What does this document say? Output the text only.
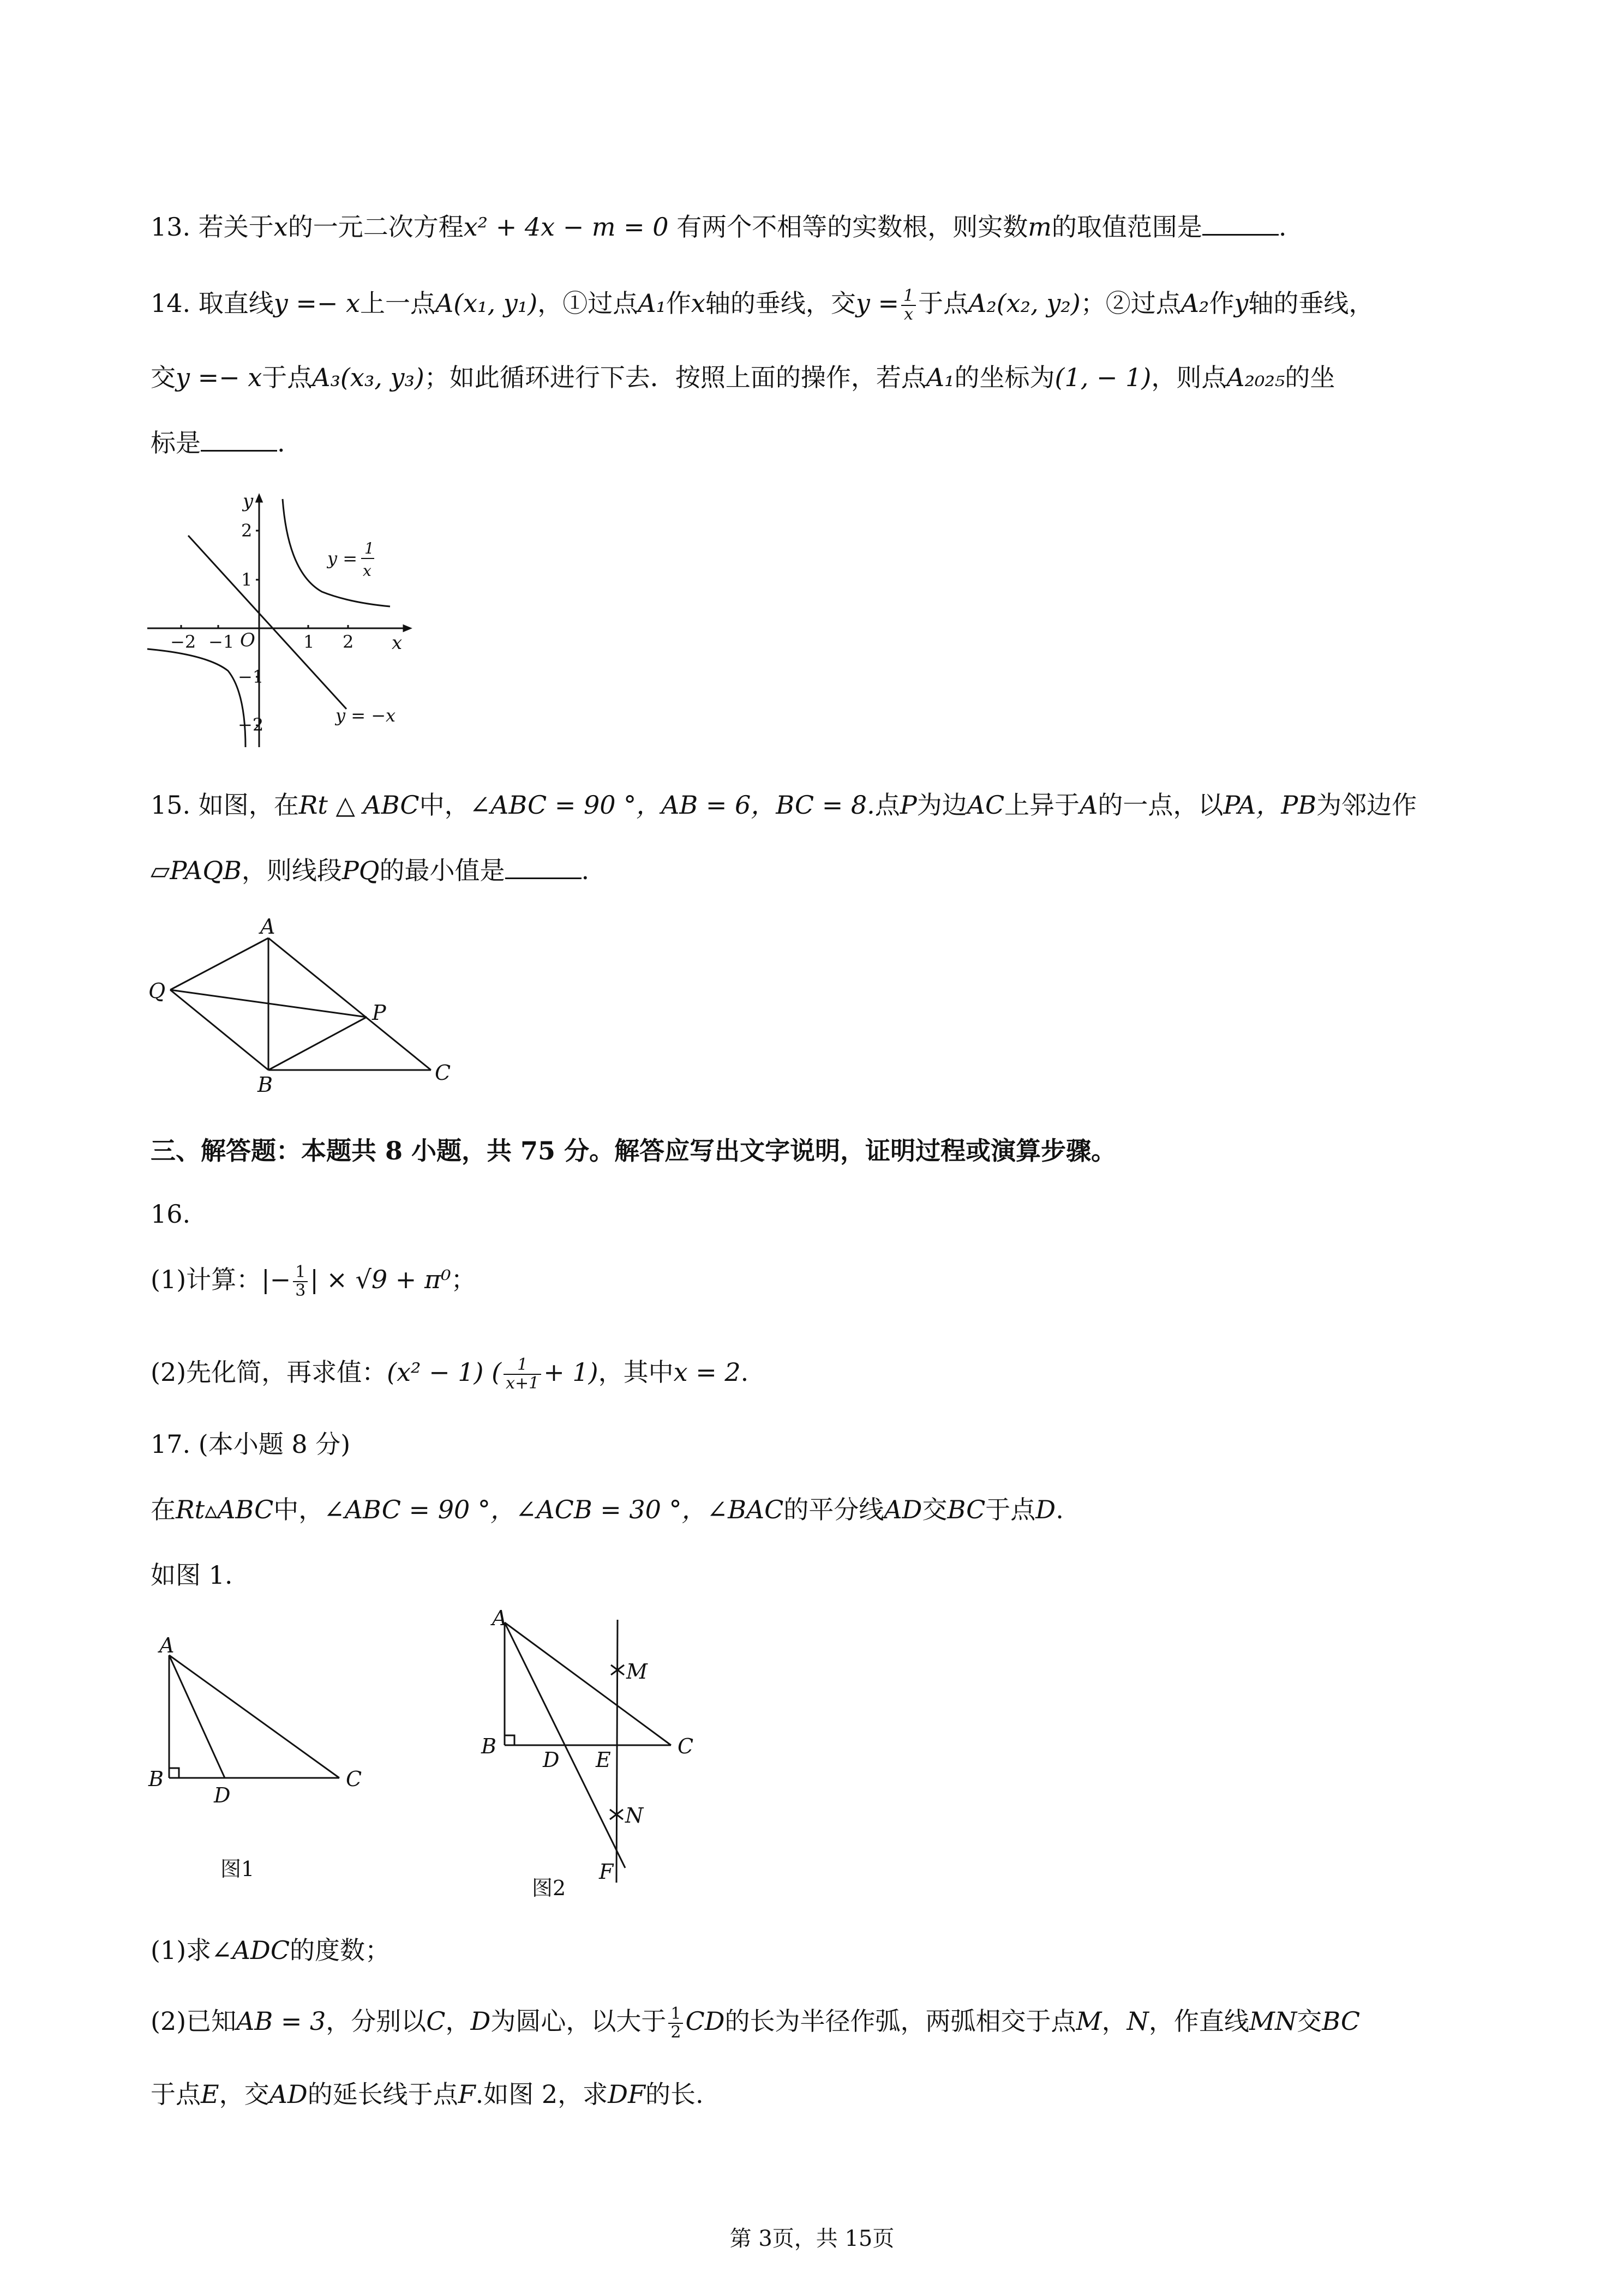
13. 若关于x的一元二次方程x² + 4x − m = 0 有两个不相等的实数根，则实数m的取值范围是	.
14. 取直线y =− x上一点A(x₁, y₁)，①过点A₁作x轴的垂线，交$y = \frac{1}{x}$ 于点A₂(x₂, y₂)；②过点A₂作y轴的垂线，
交y =− x于点A₃(x₃, y₃)；如此循环进行下去．按照上面的操作，若点A₁的坐标为(1, − 1)，则点A₂₀₂₅的坐
标是	.
y
x
O
−2 −1	1 2
2
1
−1
−2
y = 1
x
y = −x
15. 如图，在Rt △ ABC中，∠ABC = 90 °，AB = 6，BC = 8.点P为边AC上异于A的一点，以PA，PB为邻边作
▱PAQB，则线段PQ的最小值是	.
A
B	C
P
Q
三、解答题：本题共 8 小题，共 75 分。解答应写出文字说明，证明过程或演算步骤。
16.
(1)计算：|− $\frac{1}{3}$ | × √9 + π⁰；
(2)先化简，再求值：(x² − 1) ( $\frac{1}{x+1} + 1$)，其中x = 2.
17. (本小题 8 分)
在Rt▵ABC中，∠ABC = 90 °，∠ACB = 30 °，∠BAC的平分线AD交BC于点D.
如图 1.
A
B	C
D
图1
A
B	C
D E
F
M
N
图2
(1)求∠ADC的度数；
(2)已知AB = 3，分别以C，D为圆心，以大于 $\frac{1}{2}$ CD的长为半径作弧，两弧相交于点M，N，作直线MN交BC
于点E，交AD的延长线于点F.如图 2，求DF的长.
第 3页，共 15页
